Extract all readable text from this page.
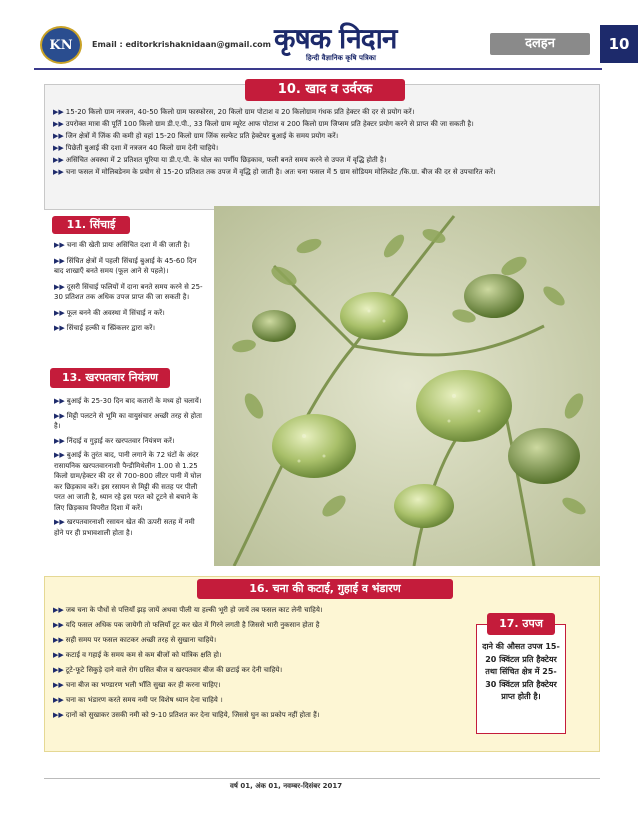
KN	Email : editorkrishaknidaan@gmail.com कृषक निदान
हिन्दी वैज्ञानिक कृषि पत्रिका
दलहन	10
10. खाद व उर्वरक
▶▶ 15-20 किलो ग्राम नत्रजन, 40-50 किलो ग्राम फास्फोरस, 20 किलो ग्राम पोटाश व 20 किलोग्राम गंधक प्रति हेक्टर की दर से प्रयोग करें।
▶▶ उपरोक्त मात्रा की पूर्ति 100 किलो ग्राम डी.ए.पी., 33 किलो ग्राम म्यूरेट आफ पोटाश व 200 किलो ग्राम जिप्सम प्रति हेक्टर प्रयोग करने से प्राप्त की जा सकती है।
▶▶ जिन क्षेत्रों में जिंक की कमी हो वहां 15-20 किलो ग्राम जिंक सल्फेट प्रति हेक्टेयर बुआई के समय प्रयोग करें।
▶▶ पिछेती बुआई की दशा में नत्रजन 40 किलो ग्राम देनी चाहिये।
▶▶ असिंचित अवस्था में 2 प्रतिशत यूरिया या डी.ए.पी. के घोल का पर्णीय छिड़काव, फली बनते समय करने से उपज में वृद्धि होती है।
▶▶ चना फसल में मोलिबडेनम के प्रयोग से 15-20 प्रतिशत तक उपज में वृद्धि हो जाती है। अतः चना फसल में 5 ग्राम सोडियम मोलिब्डेट /कि.ग्रा. बीज की दर से उपचारित करें।
11. सिंचाई
▶▶ चना की खेती प्रायः असिंचित दशा में की जाती है।
▶▶ सिंचित क्षेत्रों में पहली सिंचाई बुआई के 45-60 दिन बाद शाखाएँ बनते समय (फूल आने से पहले)।
▶▶ दूसरी सिंचाई फलियों में दाना बनते समय करने से 25-30 प्रतिशत तक अधिक उपज प्राप्त की जा सकती है।
▶▶ फूल बनने की अवस्था में सिंचाई न करें।
▶▶ सिंचाई हल्की व स्प्रिंकलर द्वारा करें।
13. खरपतवार नियंत्रण
▶▶ बुआई के 25-30 दिन बाद कतारों के मध्य हो चलायें।
▶▶ मिट्टी पलटने से भूमि का वायुसंचार अच्छी तरह से होता है।
▶▶ निंदाई व गुड़ाई कर खरपतवार नियंत्रण करें।
▶▶ बुआई के तुरंत बाद, पानी लगाने के 72 घंटों के अंदर रासायनिक खरपतवारनाशी पैन्डीमिथेलीन 1.00 से 1.25 किलो ग्राम/हेक्टर की दर से 700-800 लीटर पानी में घोल कर छिड़काव करें। इस रसायन से मिट्टी की सतह पर पीली परत आ जाती है, ध्यान रहे इस परत को टूटने से बचाने के लिए छिड़काव विपरीत दिशा में करें।
▶▶ खरपतवारनाशी रसायन खेत की ऊपरी सतह में नमी होने पर ही प्रभावशाली होता है।
16. चना की कटाई, गुहाई व भंडारण
▶▶ जब चना के पौधों से पत्तियाँ झड़ जायें अथवा पीली या हल्की भूरी हो जायें तब फसल काट लेनी चाहिये।
▶▶ यदि फसल अधिक पक जायेगी तो फलियाँ टूट कर खेत में गिरने लगती है जिससे भारी नुकसान होता है
▶▶ सही समय पर फसल काटकर अच्छी तरह से सुखाना चाहिये।
▶▶ कटाई व गहाई के समय कम से कम बीजों को यांत्रिक क्षति हो।
▶▶ टूटे-फूटे सिकुड़े दाने वाले रोग ग्रसित बीज व खरपतवार बीज की छटाई कर देनी चाहिये।
▶▶ चना बीज का भण्डारण भली भाँति सुखा कर ही करना चाहिए।
▶▶ चना का भंडारण करते समय नमी पर विशेष ध्यान देना चाहिये ।
▶▶ दानों को सुखाकर उसकी नमी को 9-10 प्रतिशत कर देना चाहिये, जिससे घुन का प्रकोप नहीं होता हैं।
17. उपज

दाने की औसत उपज 15-20 क्विंटल प्रति हैक्टेयर तथा सिंचित क्षेत्र में 25-30 क्विंटल प्रति हैक्टेयर प्राप्त होती है।

वर्ष 01, अंक 01, नवम्बर-दिसंबर 2017
